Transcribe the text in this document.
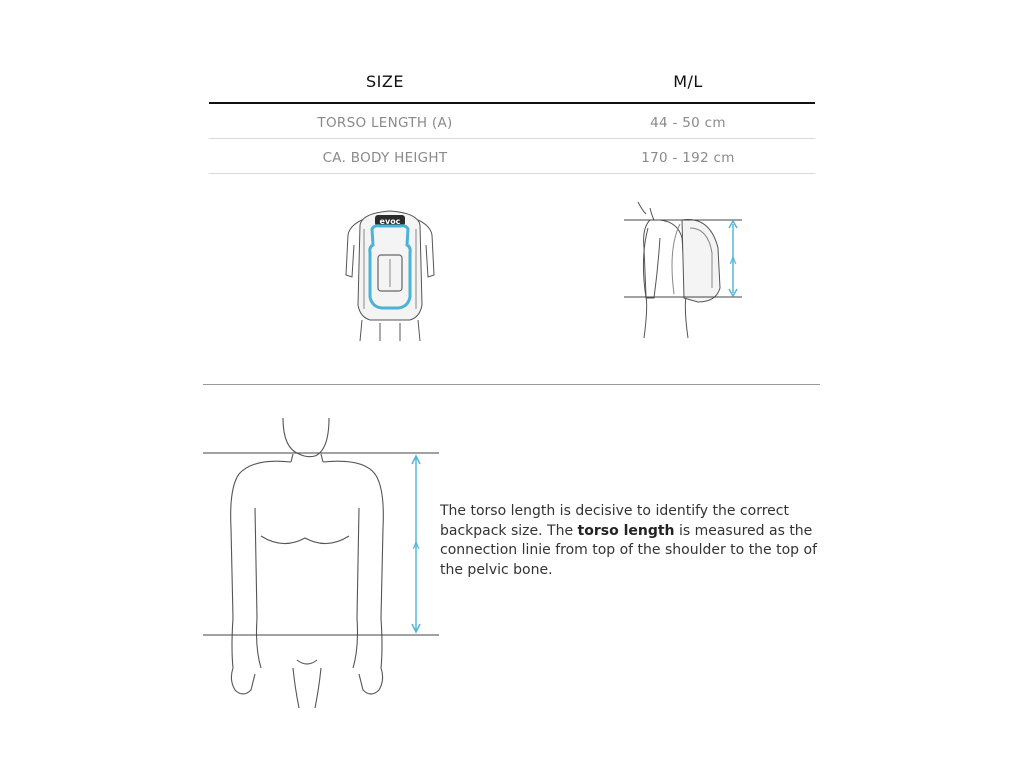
SIZE	M/L
TORSO LENGTH (A)	44 - 50 cm
CA. BODY HEIGHT	170 - 192 cm
evoc
A
A

The torso length is decisive to identify the correct backpack size. The torso length is measured as the connection linie from top of the shoulder to the top of the pelvic bone.
